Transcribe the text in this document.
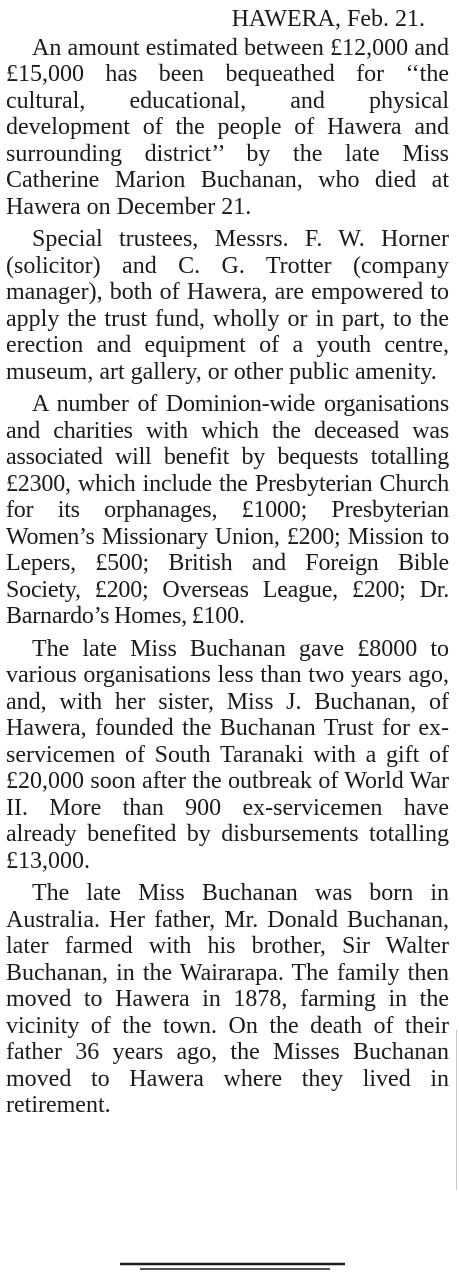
HAWERA, Feb. 21.

An amount estimated between £12,000 and £15,000 has been bequeathed for ‘‘the cultural, educational, and physical development of the people of Hawera and surrounding district’’ by the late Miss Catherine Marion Buchanan, who died at Hawera on December 21.

Special trustees, Messrs. F. W. Horner (solicitor) and C. G. Trotter (company manager), both of Hawera, are empowered to apply the trust fund, wholly or in part, to the erection and equipment of a youth centre, museum, art gallery, or other public amenity.

A number of Dominion-wide organisations and charities with which the deceased was associated will benefit by bequests totalling £2300, which include the Presbyterian Church for its orphanages, £1000; Presbyterian Women’s Missionary Union, £200; Mission to Lepers, £500; British and Foreign Bible Society, £200; Overseas League, £200; Dr. Barnardo’s Homes, £100.

The late Miss Buchanan gave £8000 to various organisations less than two years ago, and, with her sister, Miss J. Buchanan, of Hawera, founded the Buchanan Trust for ex-servicemen of South Taranaki with a gift of £20,000 soon after the outbreak of World War II. More than 900 ex-servicemen have already benefited by disbursements totalling £13,000.

The late Miss Buchanan was born in Australia. Her father, Mr. Donald Buchanan, later farmed with his brother, Sir Walter Buchanan, in the Wairarapa. The family then moved to Hawera in 1878, farming in the vicinity of the town. On the death of their father 36 years ago, the Misses Buchanan moved to Hawera where they lived in retirement.
